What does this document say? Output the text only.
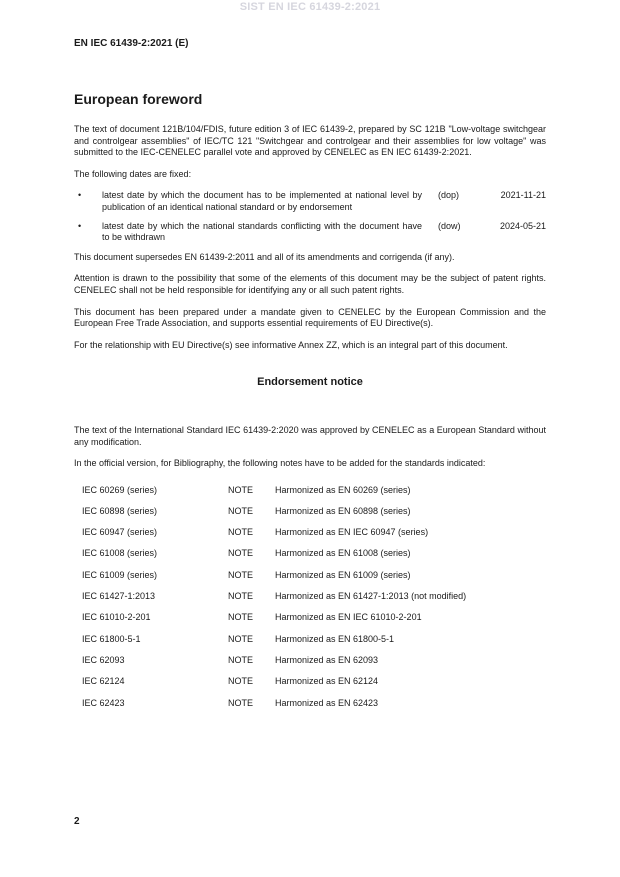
SIST EN IEC 61439-2:2021
EN IEC 61439-2:2021 (E)
European foreword

The text of document 121B/104/FDIS, future edition 3 of IEC 61439-2, prepared by SC 121B "Low-voltage switchgear and controlgear assemblies" of IEC/TC 121 "Switchgear and controlgear and their assemblies for low voltage" was submitted to the IEC-CENELEC parallel vote and approved by CENELEC as EN IEC 61439-2:2021.

The following dates are fixed:

• latest date by which the document has to be implemented at national level by publication of an identical national standard or by endorsement
(dop)	2021-11-21
• latest date by which the national standards conflicting with the document have to be withdrawn
(dow)	2024-05-21

This document supersedes EN 61439-2:2011 and all of its amendments and corrigenda (if any).

Attention is drawn to the possibility that some of the elements of this document may be the subject of patent rights. CENELEC shall not be held responsible for identifying any or all such patent rights.

This document has been prepared under a mandate given to CENELEC by the European Commission and the European Free Trade Association, and supports essential requirements of EU Directive(s).

For the relationship with EU Directive(s) see informative Annex ZZ, which is an integral part of this document.

Endorsement notice

The text of the International Standard IEC 61439-2:2020 was approved by CENELEC as a European Standard without any modification.

In the official version, for Bibliography, the following notes have to be added for the standards indicated:

IEC 60269 (series)	NOTE	Harmonized as EN 60269 (series)
IEC 60898 (series)	NOTE	Harmonized as EN 60898 (series)
IEC 60947 (series)	NOTE	Harmonized as EN IEC 60947 (series)
IEC 61008 (series)	NOTE	Harmonized as EN 61008 (series)
IEC 61009 (series)	NOTE	Harmonized as EN 61009 (series)
IEC 61427-1:2013	NOTE	Harmonized as EN 61427-1:2013 (not modified)
IEC 61010-2-201	NOTE	Harmonized as EN IEC 61010-2-201
IEC 61800-5-1	NOTE	Harmonized as EN 61800-5-1
IEC 62093	NOTE	Harmonized as EN 62093
IEC 62124	NOTE	Harmonized as EN 62124
IEC 62423	NOTE	Harmonized as EN 62423
2
